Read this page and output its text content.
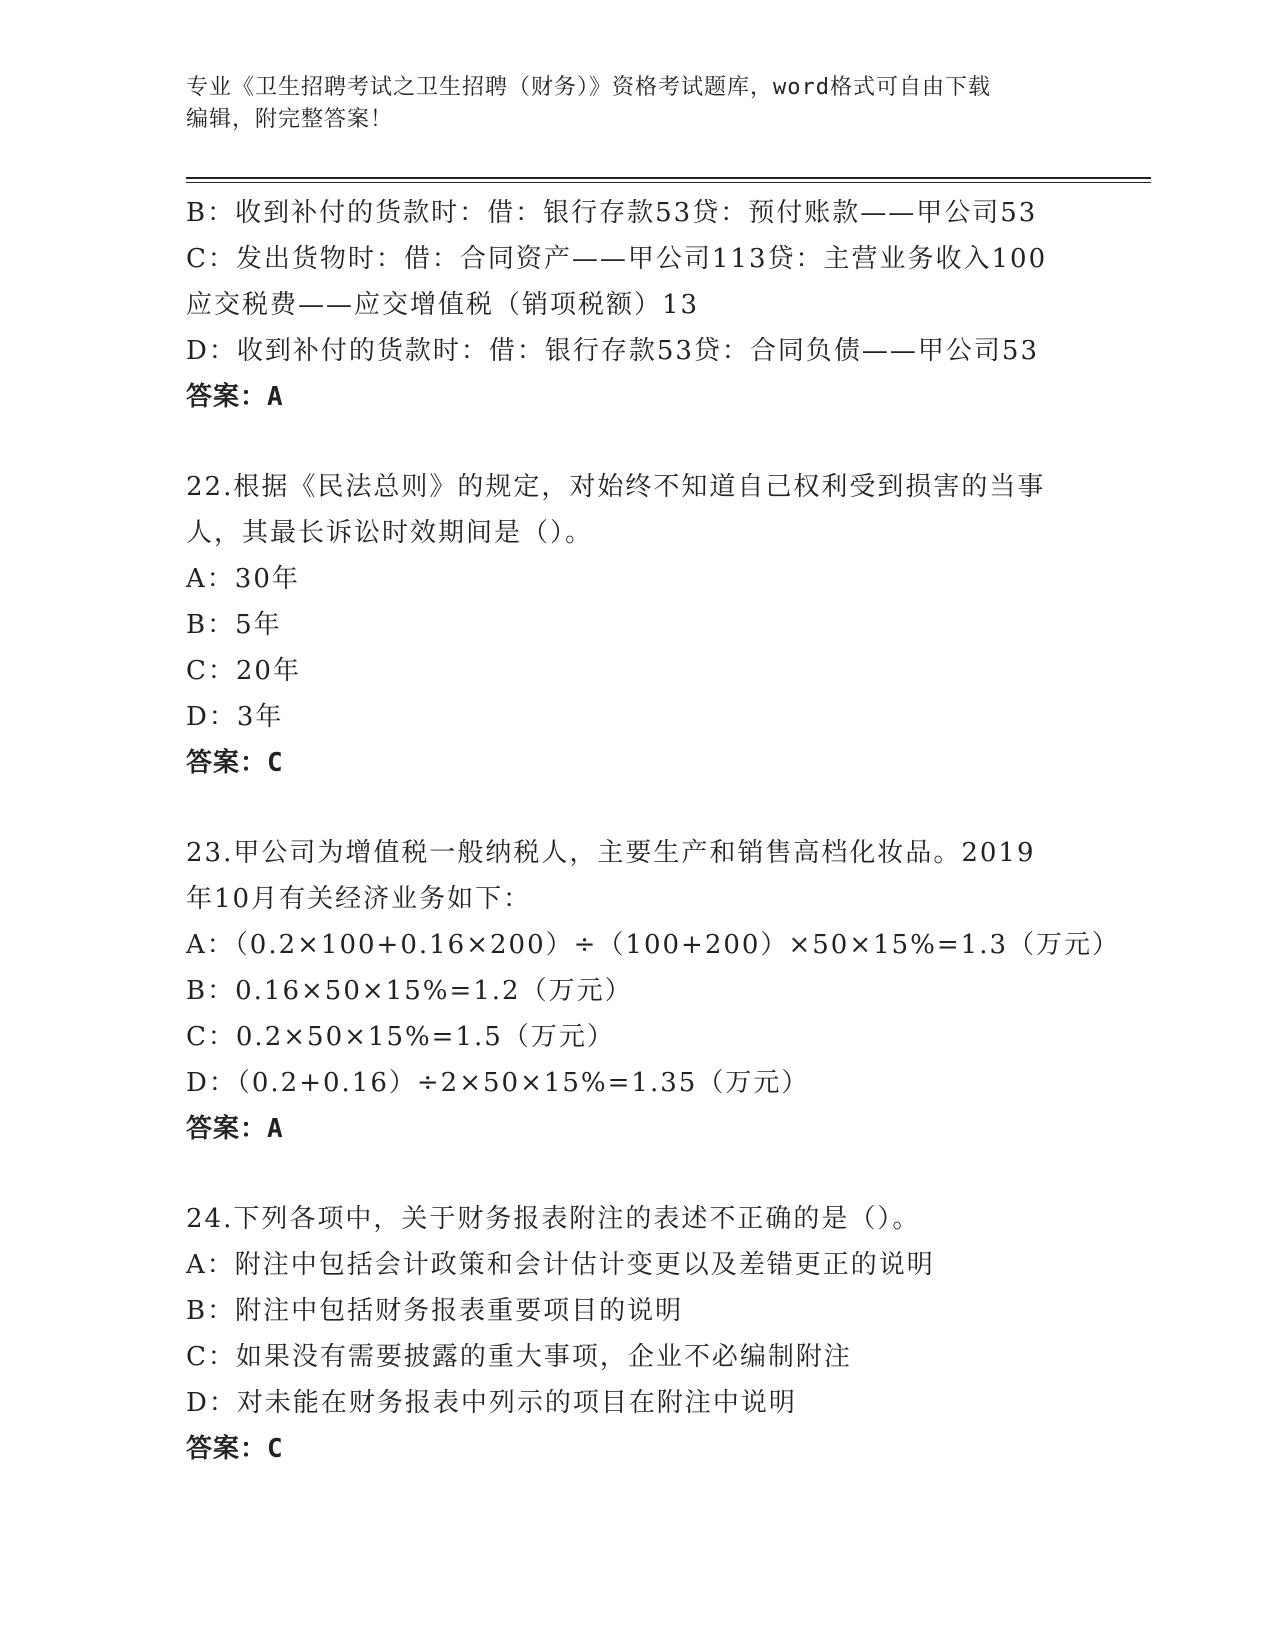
专业《卫生招聘考试之卫生招聘（财务）》资格考试题库，word格式可自由下载
编辑，附完整答案！
B：收到补付的货款时：借：银行存款53贷：预付账款——甲公司53
C：发出货物时：借：合同资产——甲公司113贷：主营业务收入100
应交税费——应交增值税（销项税额）13
D：收到补付的货款时：借：银行存款53贷：合同负债——甲公司53
答案：A
22.根据《民法总则》的规定，对始终不知道自己权利受到损害的当事
人，其最长诉讼时效期间是（）。
A：30年
B：5年
C：20年
D：3年
答案：C
23.甲公司为增值税一般纳税人，主要生产和销售高档化妆品。2019
年10月有关经济业务如下：
A：（0.2×100+0.16×200）÷（100+200）×50×15%=1.3（万元）
B：0.16×50×15%=1.2（万元）
C：0.2×50×15%=1.5（万元）
D：（0.2+0.16）÷2×50×15%=1.35（万元）
答案：A
24.下列各项中，关于财务报表附注的表述不正确的是（）。
A：附注中包括会计政策和会计估计变更以及差错更正的说明
B：附注中包括财务报表重要项目的说明
C：如果没有需要披露的重大事项，企业不必编制附注
D：对未能在财务报表中列示的项目在附注中说明
答案：C
